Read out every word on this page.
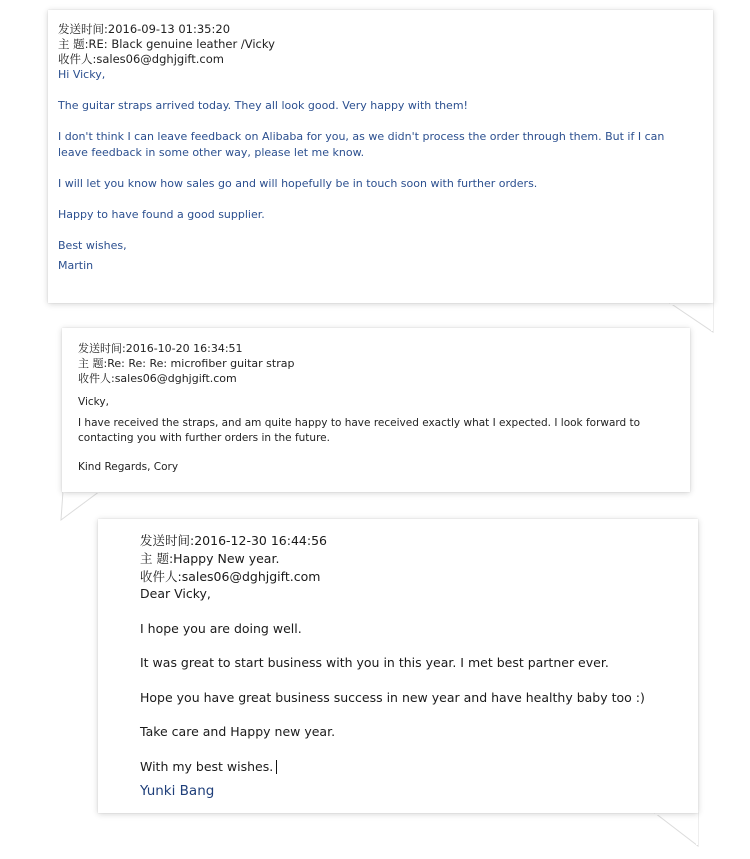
发送时间:2016-09-13 01:35:20
主 题:RE: Black genuine leather /Vicky
收件人:sales06@dghjgift.com

Hi Vicky,

The guitar straps arrived today. They all look good. Very happy with them!

I don't think I can leave feedback on Alibaba for you, as we didn't process the order through them. But if I can leave feedback in some other way, please let me know.

I will let you know how sales go and will hopefully be in touch soon with further orders.

Happy to have found a good supplier.

Best wishes,

Martin

发送时间:2016-10-20 16:34:51
主 题:Re: Re: Re: microfiber guitar strap
收件人:sales06@dghjgift.com

Vicky,

I have received the straps, and am quite happy to have received exactly what I expected. I look forward to contacting you with further orders in the future.

Kind Regards, Cory

发送时间:2016-12-30 16:44:56
主 题:Happy New year.
收件人:sales06@dghjgift.com

Dear Vicky,

I hope you are doing well.

It was great to start business with you in this year. I met best partner ever.

Hope you have great business success in new year and have healthy baby too :)

Take care and Happy new year.

With my best wishes.

Yunki Bang
